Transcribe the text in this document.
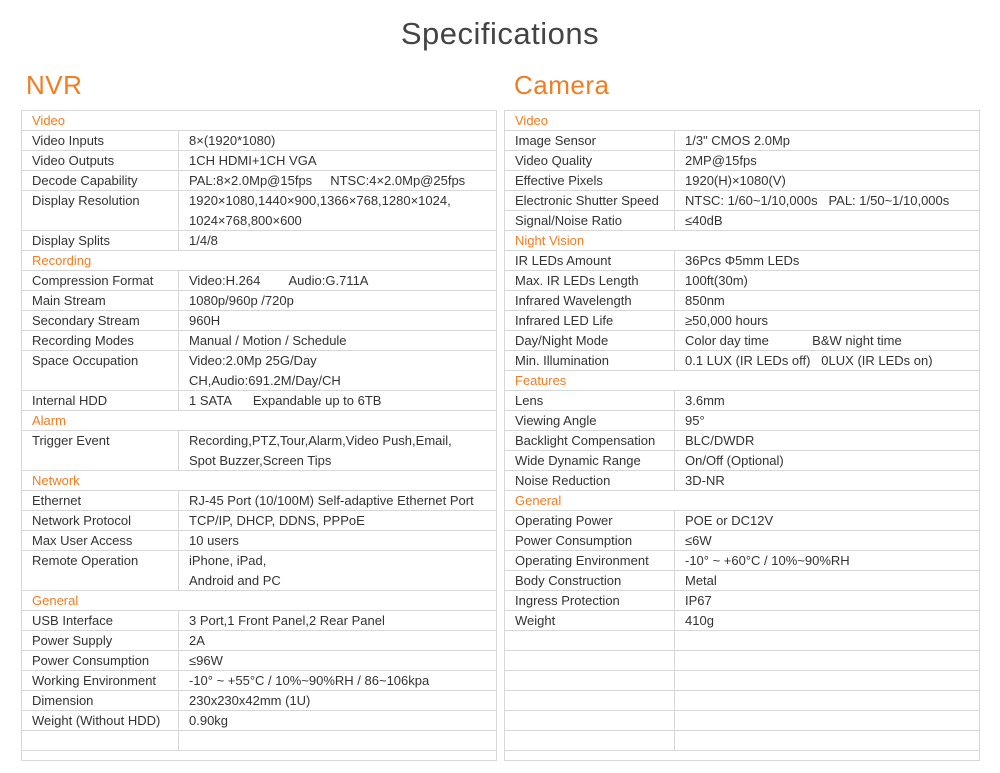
Specifications
NVR	Camera
Video
Video Inputs	8×(1920*1080)
Video Outputs	1CH HDMI+1CH VGA
Decode Capability	PAL:8×2.0Mp@15fps     NTSC:4×2.0Mp@25fps
Display Resolution	1920×1080,1440×900,1366×768,1280×1024,
1024×768,800×600
Display Splits	1/4/8
Recording
Compression Format	Video:H.264        Audio:G.711A
Main Stream	1080p/960p /720p
Secondary Stream	960H
Recording Modes	Manual / Motion / Schedule
Space Occupation	Video:2.0Mp 25G/Day
CH,Audio:691.2M/Day/CH
Internal HDD	1 SATA      Expandable up to 6TB
Alarm
Trigger Event	Recording,PTZ,Tour,Alarm,Video Push,Email,
Spot Buzzer,Screen Tips
Network
Ethernet	RJ-45 Port (10/100M) Self-adaptive Ethernet Port
Network Protocol	TCP/IP, DHCP, DDNS, PPPoE
Max User Access	10 users
Remote Operation	iPhone, iPad,
Android and PC
General
USB Interface	3 Port,1 Front Panel,2 Rear Panel
Power Supply	2A
Power Consumption	≤96W
Working Environment	-10° ~ +55°C / 10%~90%RH / 86~106kpa
Dimension	230x230x42mm (1U)
Weight (Without HDD)	0.90kg
Video
Image Sensor	1/3" CMOS 2.0Mp
Video Quality	2MP@15fps
Effective Pixels	1920(H)×1080(V)
Electronic Shutter Speed	NTSC: 1/60~1/10,000s   PAL: 1/50~1/10,000s
Signal/Noise Ratio	≤40dB
Night Vision
IR LEDs Amount	36Pcs Φ5mm LEDs
Max. IR LEDs Length	100ft(30m)
Infrared Wavelength	850nm
Infrared LED Life	≥50,000 hours
Day/Night Mode	Color day time            B&W night time
Min. Illumination	0.1 LUX (IR LEDs off)   0LUX (IR LEDs on)
Features
Lens	3.6mm
Viewing Angle	95°
Backlight Compensation	BLC/DWDR
Wide Dynamic Range	On/Off (Optional)
Noise Reduction	3D-NR
General
Operating Power	POE or DC12V
Power Consumption	≤6W
Operating Environment	-10° ~ +60°C / 10%~90%RH
Body Construction	Metal
Ingress Protection	IP67
Weight	410g
